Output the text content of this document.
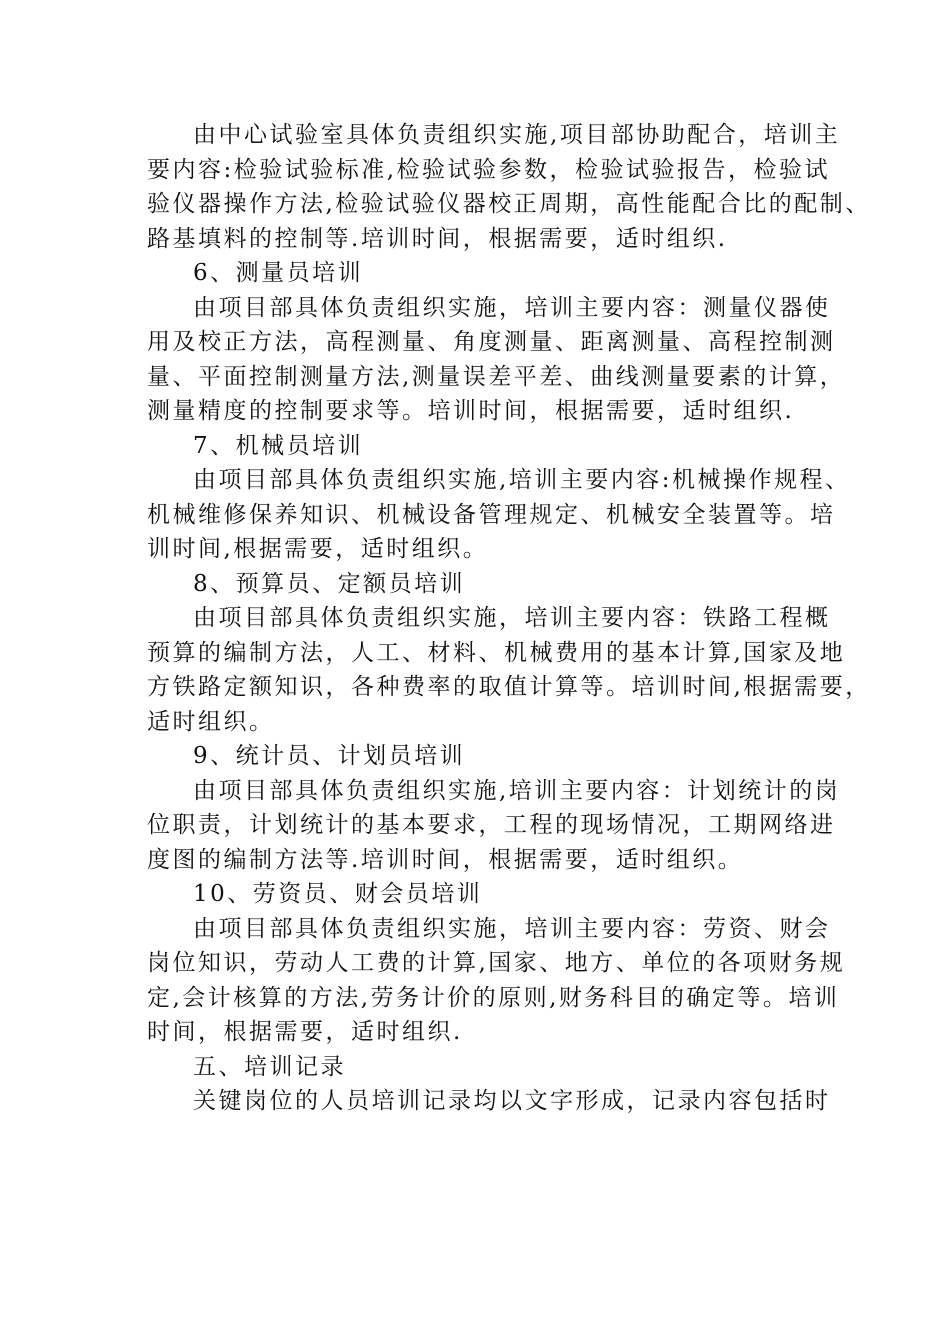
由中心试验室具体负责组织实施,项目部协助配合，培训主
要内容:检验试验标准,检验试验参数，检验试验报告，检验试
验仪器操作方法,检验试验仪器校正周期，高性能配合比的配制、
路基填料的控制等.培训时间，根据需要，适时组织.
6、测量员培训
由项目部具体负责组织实施，培训主要内容：测量仪器使
用及校正方法，高程测量、角度测量、距离测量、高程控制测
量、平面控制测量方法,测量误差平差、曲线测量要素的计算，
测量精度的控制要求等。培训时间，根据需要，适时组织.
7、机械员培训
由项目部具体负责组织实施,培训主要内容:机械操作规程、
机械维修保养知识、机械设备管理规定、机械安全装置等。培
训时间,根据需要，适时组织。
8、预算员、定额员培训
由项目部具体负责组织实施，培训主要内容：铁路工程概
预算的编制方法，人工、材料、机械费用的基本计算,国家及地
方铁路定额知识，各种费率的取值计算等。培训时间,根据需要，
适时组织。
9、统计员、计划员培训
由项目部具体负责组织实施,培训主要内容：计划统计的岗
位职责，计划统计的基本要求，工程的现场情况，工期网络进
度图的编制方法等.培训时间，根据需要，适时组织。
10、劳资员、财会员培训
由项目部具体负责组织实施，培训主要内容：劳资、财会
岗位知识，劳动人工费的计算,国家、地方、单位的各项财务规
定,会计核算的方法,劳务计价的原则,财务科目的确定等。培训
时间，根据需要，适时组织.
五、培训记录
关键岗位的人员培训记录均以文字形成，记录内容包括时
